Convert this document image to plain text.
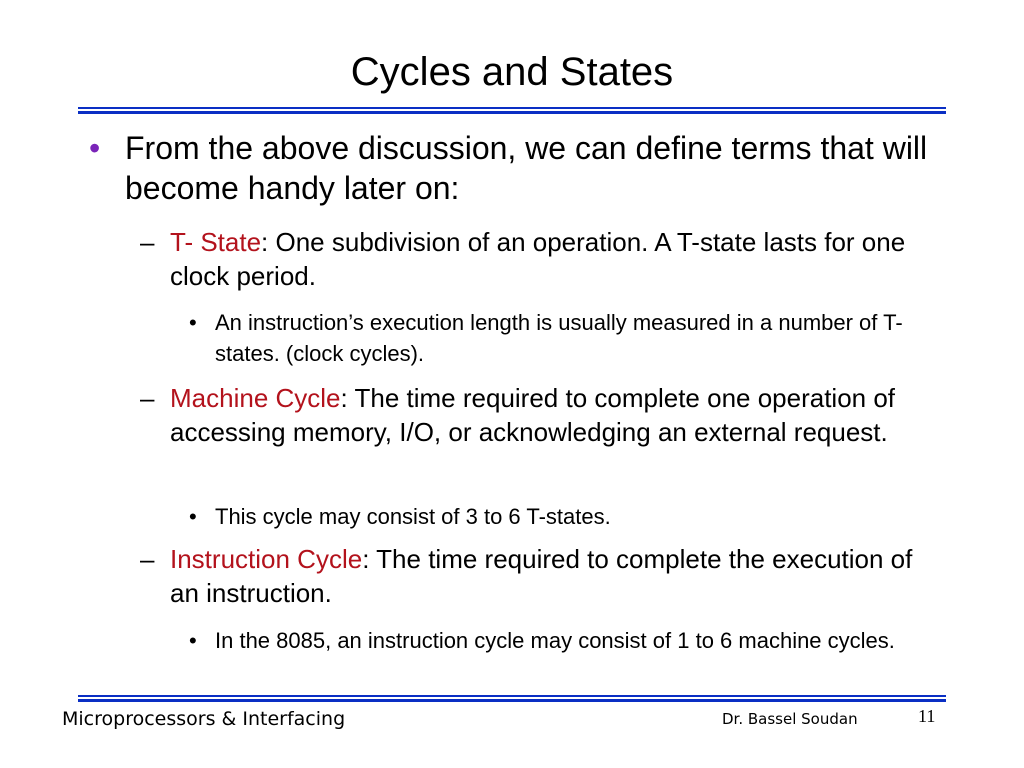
Cycles and States
• From the above discussion, we can define terms that will become handy later on:
– T- State: One subdivision of an operation. A T-state lasts for one clock period.
• An instruction’s execution length is usually measured in a number of T-states. (clock cycles).
– Machine Cycle: The time required to complete one operation of accessing memory, I/O, or acknowledging an external request.
• This cycle may consist of 3 to 6 T-states.
– Instruction Cycle: The time required to complete the execution of an instruction.
• In the 8085, an instruction cycle may consist of 1 to 6 machine cycles.
Microprocessors & Interfacing	Dr. Bassel Soudan	11
